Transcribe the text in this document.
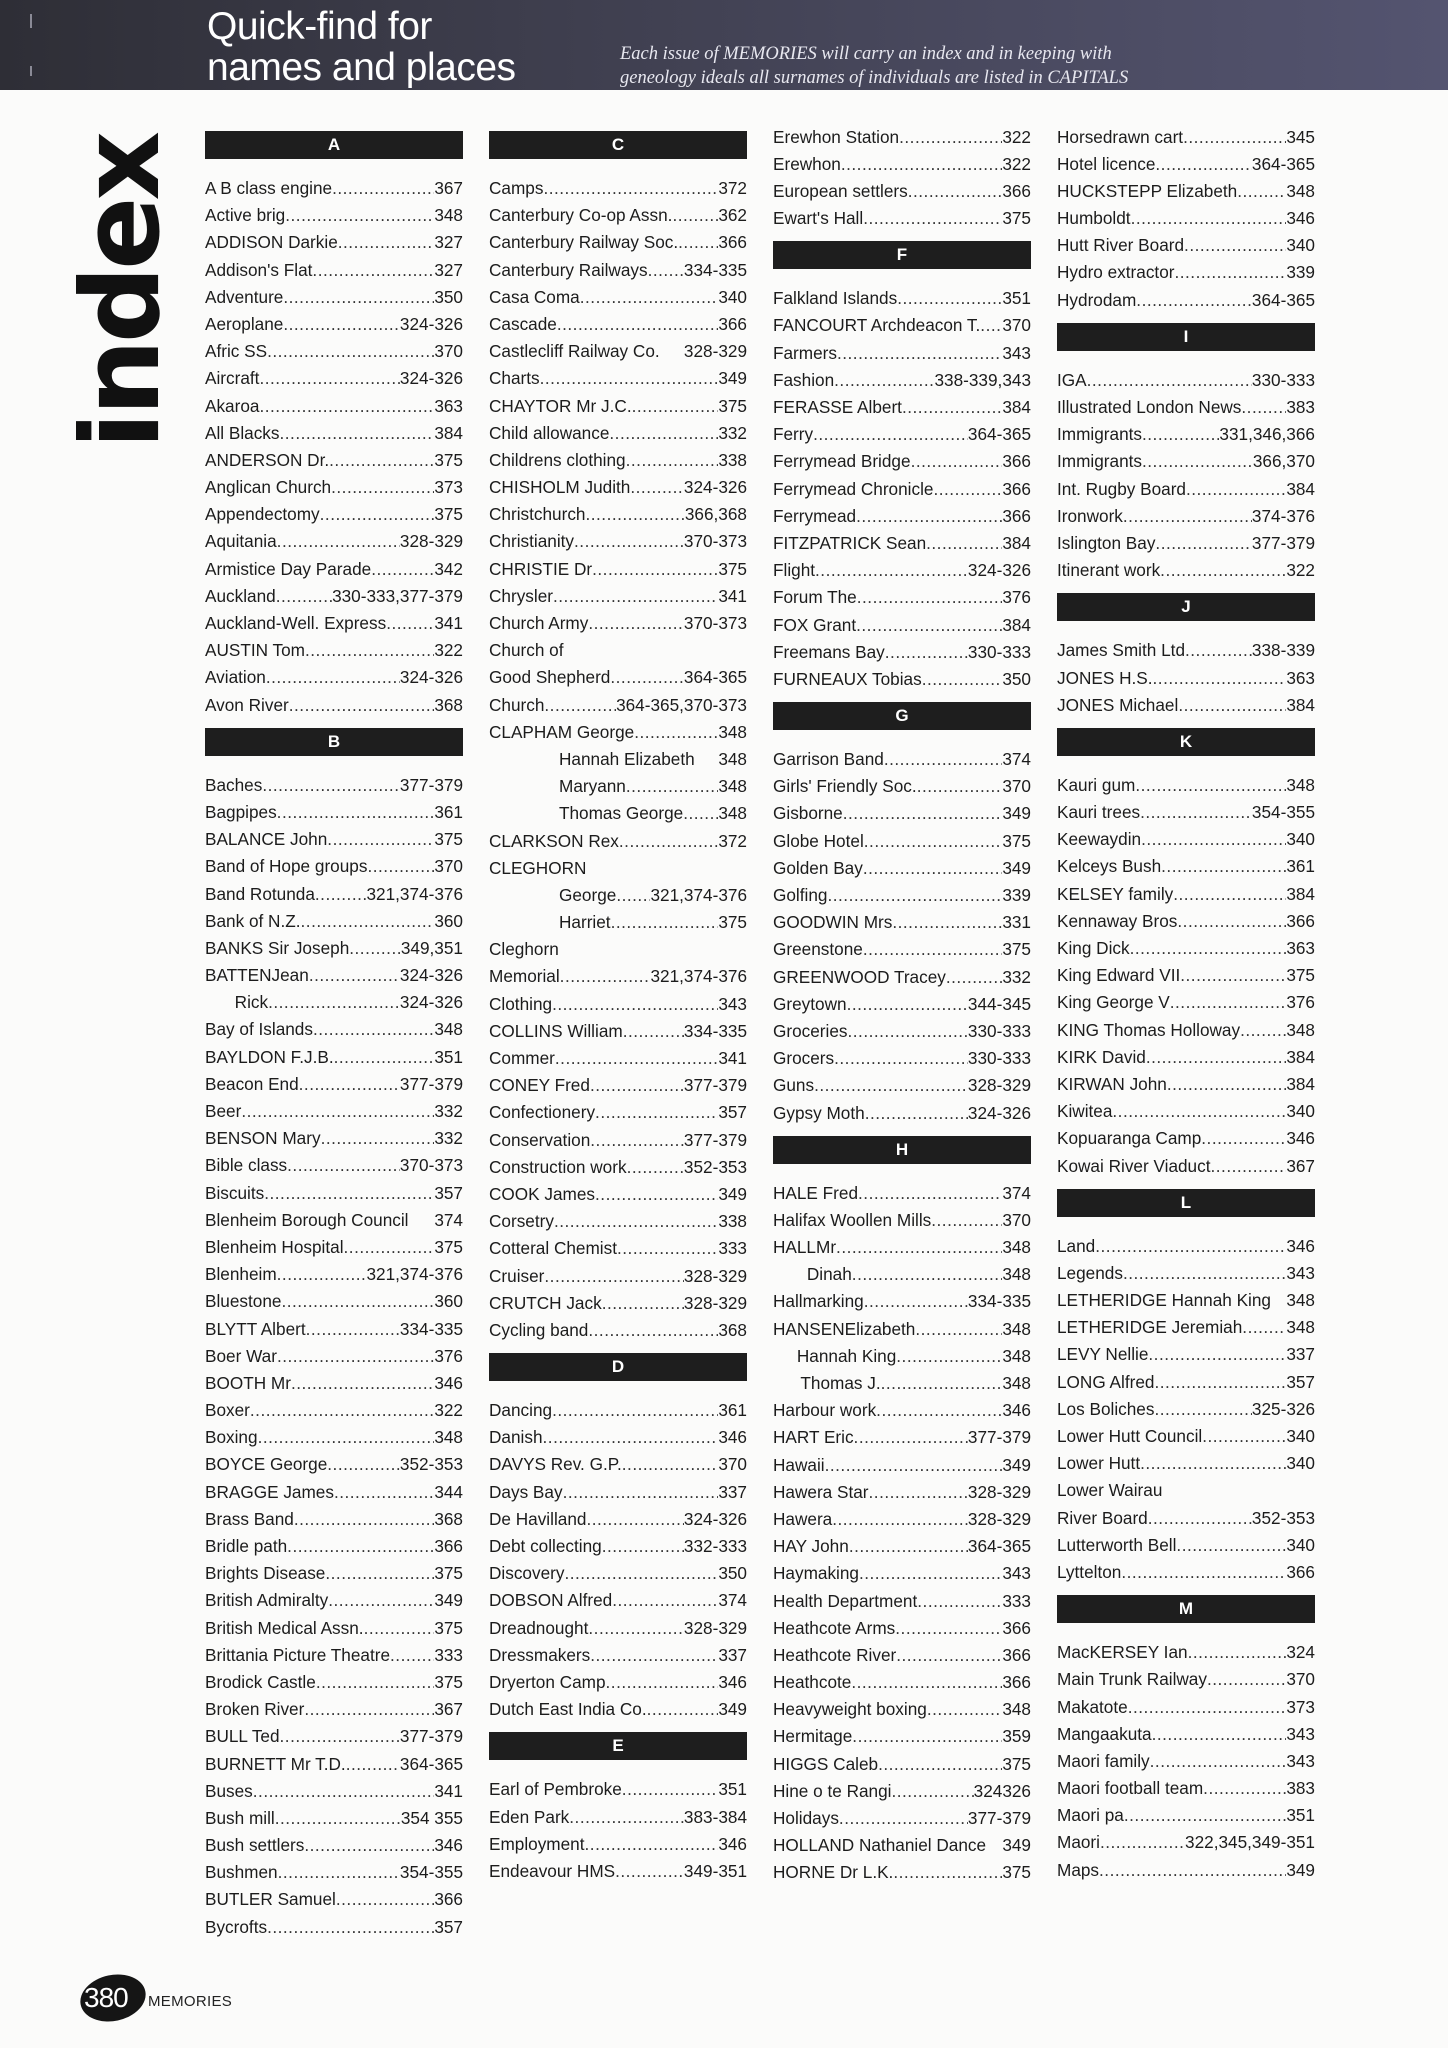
Quick-find for
names and places	Each issue of MEMORIES will carry an index and in keeping with
geneology ideals all surnames of individuals are listed in CAPITALS
index	A
A B class engine .....	367
Active brig .....	348
ADDISON Darkie .....	327
Addison's Flat .....	327
Adventure .....	350
Aeroplane .....	324-326
Afric SS .....	370
Aircraft .....	324-326
Akaroa .....	363
All Blacks .....	384
ANDERSON Dr. .....	375
Anglican Church .....	373
Appendectomy .....	375
Aquitania .....	328-329
Armistice Day Parade .....	342
Auckland .....	330-333,377-379
Auckland-Well. Express .....	341
AUSTIN Tom .....	322
Aviation .....	324-326
Avon River .....	368
B
Baches .....	377-379
Bagpipes .....	361
BALANCE John .....	375
Band of Hope groups .....	370
Band Rotunda .....	321,374-376
Bank of N.Z. .....	360
BANKS Sir Joseph .....	349,351
BATTEN Jean .....	324-326
Rick .....	324-326
Bay of Islands .....	348
BAYLDON F.J.B. .....	351
Beacon End .....	377-379
Beer .....	332
BENSON Mary .....	332
Bible class .....	370-373
Biscuits .....	357
Blenheim Borough Council 374
Blenheim Hospital .....	375
Blenheim .....	321,374-376
Bluestone .....	360
BLYTT Albert .....	334-335
Boer War .....	376
BOOTH Mr .....	346
Boxer .....	322
Boxing .....	348
BOYCE George .....	352-353
BRAGGE James .....	344
Brass Band .....	368
Bridle path .....	366
Brights Disease .....	375
British Admiralty .....	349
British Medical Assn. .....	375
Brittania Picture Theatre .....	333
Brodick Castle .....	375
Broken River .....	367
BULL Ted .....	377-379
BURNETT Mr T.D. .....	364-365
Buses .....	341
Bush mill .....	354 355
Bush settlers .....	346
Bushmen .....	354-355
BUTLER Samuel .....	366
Bycrofts .....	357
C
Camps .....	372
Canterbury Co-op Assn. .....	362
Canterbury Railway Soc. ..... 366
Canterbury Railways ..... 334-335
Casa Coma .....	340
Cascade .....	366
Castlecliff Railway Co. 328-329
Charts .....	349
CHAYTOR Mr J.C. .....	375
Child allowance .....	332
Childrens clothing .....	338
CHISHOLM Judith .....	324-326
Christchurch .....	366,368
Christianity .....	370-373
CHRISTIE Dr .....	375
Chrysler .....	341
Church Army .....	370-373
Church of
Good Shepherd .....	364-365
Church .....	364-365,370-373
CLAPHAM George .....	348
Hannah Elizabeth 348
Maryann .....	348
Thomas George ..... 348
CLARKSON Rex .....	372
CLEGHORN
George ..... 321,374-376
Harriet .....	375
Cleghorn
Memorial .....	321,374-376
Clothing .....	343
COLLINS William .....	334-335
Commer .....	341
CONEY Fred .....	377-379
Confectionery .....	357
Conservation .....	377-379
Construction work .....	352-353
COOK James .....	349
Corsetry .....	338
Cotteral Chemist .....	333
Cruiser .....	328-329
CRUTCH Jack .....	328-329
Cycling band .....	368
D
Dancing .....	361
Danish .....	346
DAVYS Rev. G.P. .....	370
Days Bay .....	337
De Havilland .....	324-326
Debt collecting .....	332-333
Discovery .....	350
DOBSON Alfred .....	374
Dreadnought .....	328-329
Dressmakers .....	337
Dryerton Camp .....	346
Dutch East India Co. .....	349
E
Earl of Pembroke .....	351
Eden Park .....	383-384
Employment .....	346
Endeavour HMS .....	349-351
Erewhon Station .....	322
Erewhon .....	322
European settlers .....	366
Ewart's Hall .....	375
F
Falkland Islands .....	351
FANCOURT Archdeacon T. ..... 370
Farmers .....	343
Fashion .....	338-339,343
FERASSE Albert .....	384
Ferry .....	364-365
Ferrymead Bridge .....	366
Ferrymead Chronicle .....	366
Ferrymead .....	366
FITZPATRICK Sean .....	384
Flight .....	324-326
Forum The .....	376
FOX Grant .....	384
Freemans Bay .....	330-333
FURNEAUX Tobias .....	350
G
Garrison Band .....	374
Girls' Friendly Soc. .....	370
Gisborne .....	349
Globe Hotel .....	375
Golden Bay .....	349
Golfing .....	339
GOODWIN Mrs .....	331
Greenstone .....	375
GREENWOOD Tracey .....	332
Greytown .....	344-345
Groceries .....	330-333
Grocers .....	330-333
Guns .....	328-329
Gypsy Moth .....	324-326
H
HALE Fred .....	374
Halifax Woollen Mills .....	370
HALL Mr .....	348
Dinah .....	348
Hallmarking .....	334-335
HANSEN Elizabeth .....	348
Hannah King .....	348
Thomas J. .....	348
Harbour work .....	346
HART Eric .....	377-379
Hawaii .....	349
Hawera Star .....	328-329
Hawera .....	328-329
HAY John .....	364-365
Haymaking .....	343
Health Department .....	333
Heathcote Arms .....	366
Heathcote River .....	366
Heathcote .....	366
Heavyweight boxing .....	348
Hermitage .....	359
HIGGS Caleb .....	375
Hine o te Rangi .....	324326
Holidays .....	377-379
HOLLAND Nathaniel Dance 349
HORNE Dr L.K. .....	375
Horsedrawn cart .....	345
Hotel licence .....	364-365
HUCKSTEPP Elizabeth .....	348
Humboldt .....	346
Hutt River Board .....	340
Hydro extractor .....	339
Hydrodam .....	364-365
I
IGA .....	330-333
Illustrated London News .....	383
Immigrants .....	331,346,366
Immigrants .....	366,370
Int. Rugby Board .....	384
Ironwork .....	374-376
Islington Bay .....	377-379
Itinerant work .....	322
J
James Smith Ltd .....	338-339
JONES H.S. .....	363
JONES Michael .....	384
K
Kauri gum .....	348
Kauri trees .....	354-355
Keewaydin .....	340
Kelceys Bush .....	361
KELSEY family .....	384
Kennaway Bros .....	366
King Dick .....	363
King Edward VII .....	375
King George V .....	376
KING Thomas Holloway .....	348
KIRK David .....	384
KIRWAN John .....	384
Kiwitea .....	340
Kopuaranga Camp .....	346
Kowai River Viaduct .....	367
L
Land .....	346
Legends .....	343
LETHERIDGE Hannah King 348
LETHERIDGE Jeremiah .....	348
LEVY Nellie .....	337
LONG Alfred .....	357
Los Boliches .....	325-326
Lower Hutt Council .....	340
Lower Hutt .....	340
Lower Wairau
River Board .....	352-353
Lutterworth Bell .....	340
Lyttelton .....	366
M
MacKERSEY Ian .....	324
Main Trunk Railway .....	370
Makatote .....	373
Mangaakuta .....	343
Maori family .....	343
Maori football team .....	383
Maori pa .....	351
Maori .....	322,345,349-351
Maps .....	349
380 MEMORIES
